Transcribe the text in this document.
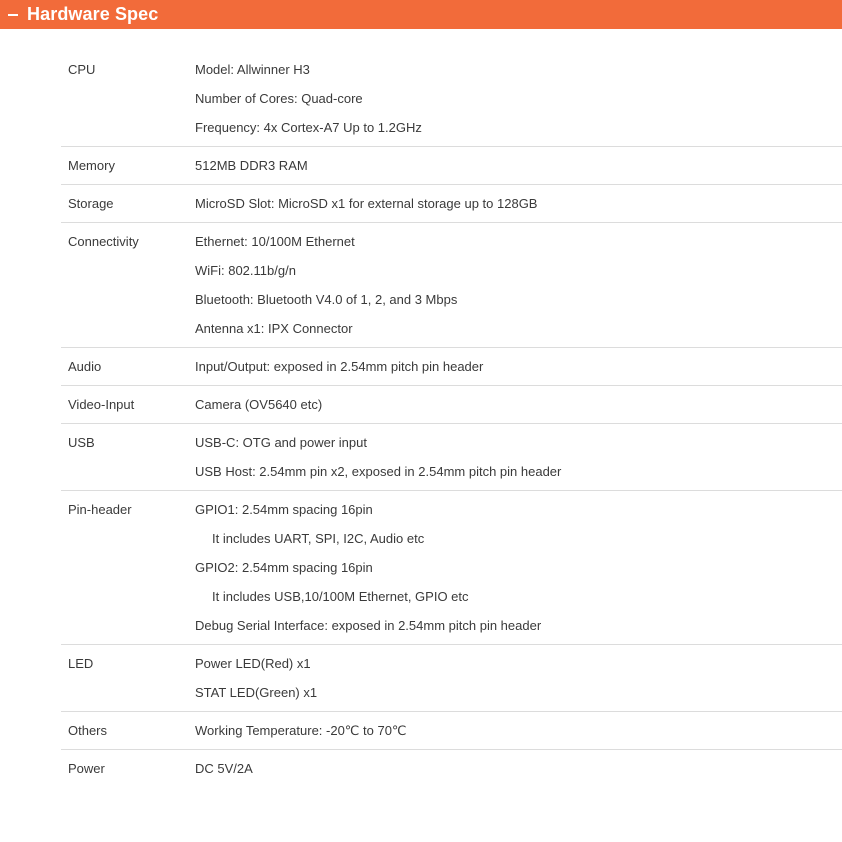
Hardware Spec
CPU	Model: Allwinner H3
Number of Cores: Quad-core
Frequency: 4x Cortex-A7 Up to 1.2GHz
Memory	512MB DDR3 RAM
Storage	MicroSD Slot: MicroSD x1 for external storage up to 128GB
Connectivity	Ethernet: 10/100M Ethernet
WiFi: 802.11b/g/n
Bluetooth: Bluetooth V4.0 of 1, 2, and 3 Mbps
Antenna x1: IPX Connector
Audio	Input/Output: exposed in 2.54mm pitch pin header
Video-Input	Camera (OV5640 etc)
USB	USB-C: OTG and power input
USB Host: 2.54mm pin x2, exposed in 2.54mm pitch pin header
Pin-header	GPIO1: 2.54mm spacing 16pin
It includes UART, SPI, I2C, Audio etc
GPIO2: 2.54mm spacing 16pin
It includes USB,10/100M Ethernet, GPIO etc
Debug Serial Interface: exposed in 2.54mm pitch pin header
LED	Power LED(Red) x1
STAT LED(Green) x1
Others	Working Temperature: -20℃ to 70℃
Power	DC 5V/2A
